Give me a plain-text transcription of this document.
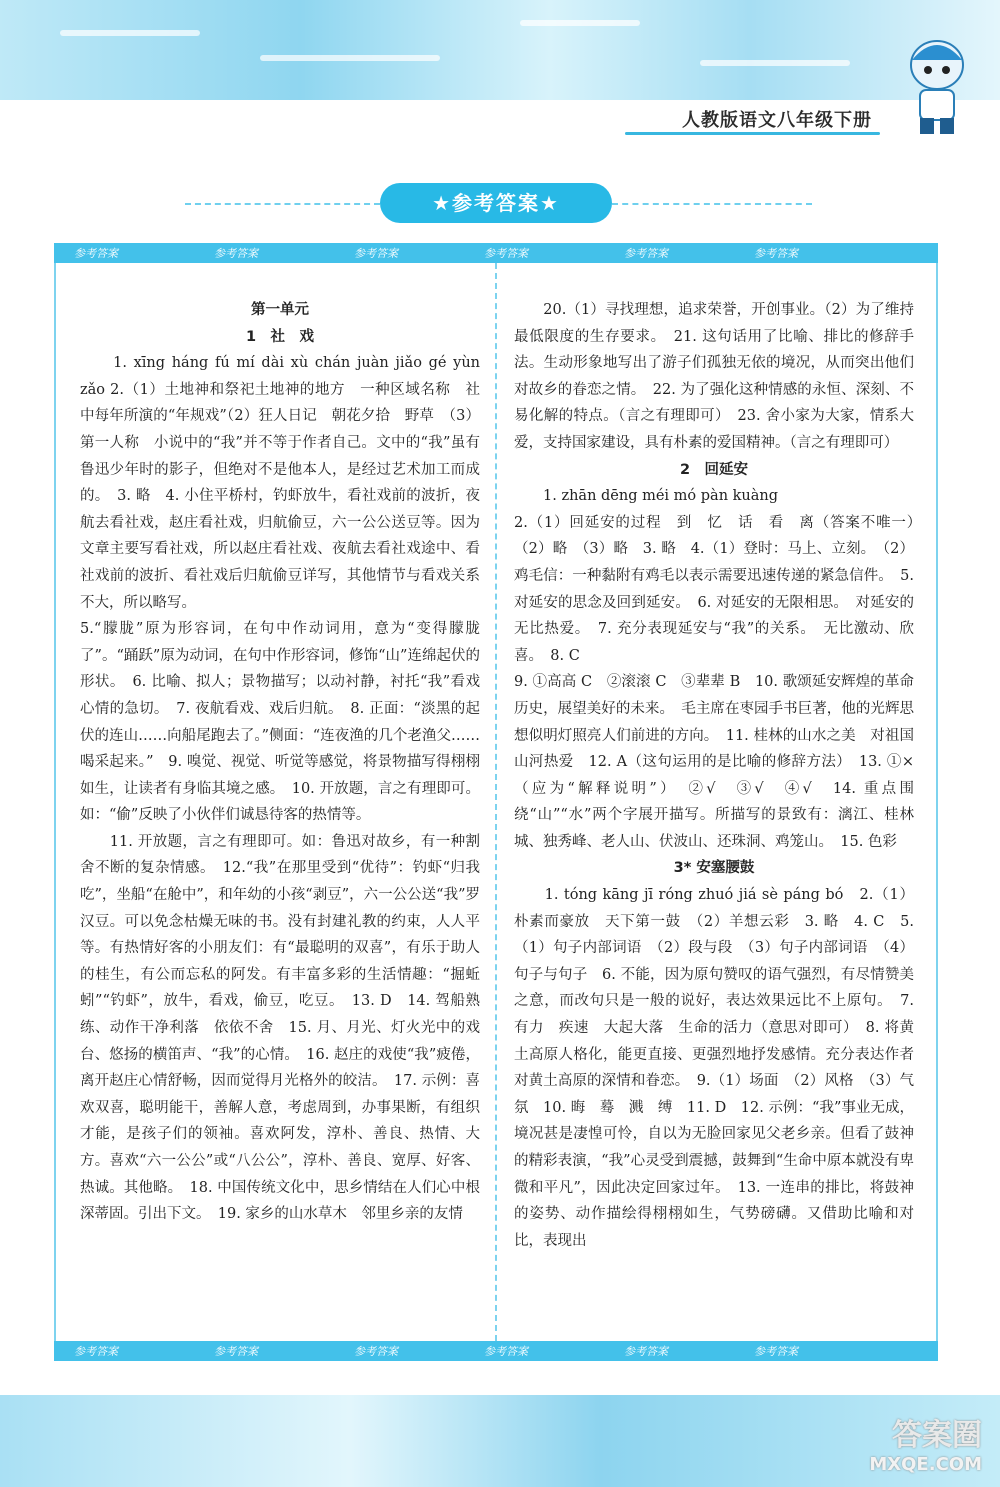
人教版语文八年级下册
★参考答案★
参考答案	参考答案	参考答案	参考答案	参考答案	参考答案
参考答案	参考答案	参考答案	参考答案	参考答案	参考答案

第一单元

1　社　戏

　　1. xīng háng fú mí dài xù chán juàn jiǎo gé yùn zǎo 2.（1）土地神和祭祀土地神的地方　一种区域名称　社中每年所演的“年规戏”（2）狂人日记　朝花夕拾　野草　（3）第一人称　小说中的“我”并不等于作者自己。文中的“我”虽有鲁迅少年时的影子，但绝对不是他本人，是经过艺术加工而成的。　3. 略　4. 小住平桥村，钓虾放牛，看社戏前的波折，夜航去看社戏，赵庄看社戏，归航偷豆，六一公公送豆等。因为文章主要写看社戏，所以赵庄看社戏、夜航去看社戏途中、看社戏前的波折、看社戏后归航偷豆详写，其他情节与看戏关系不大，所以略写。

5.“朦胧”原为形容词，在句中作动词用，意为“变得朦胧了”。“踊跃”原为动词，在句中作形容词，修饰“山”连绵起伏的形状。　6. 比喻、拟人；景物描写；以动衬静，衬托“我”看戏心情的急切。　7. 夜航看戏、戏后归航。　8. 正面：“淡黑的起伏的连山……向船尾跑去了。”侧面：“连夜渔的几个老渔父……喝采起来。”　9. 嗅觉、视觉、听觉等感觉，将景物描写得栩栩如生，让读者有身临其境之感。　10. 开放题，言之有理即可。如：“偷”反映了小伙伴们诚恳待客的热情等。

　　11. 开放题，言之有理即可。如：鲁迅对故乡，有一种割舍不断的复杂情感。　12.“我”在那里受到“优待”：钓虾“归我吃”，坐船“在舱中”，和年幼的小孩“剥豆”，六一公公送“我”罗汉豆。可以免念枯燥无味的书。没有封建礼教的约束，人人平等。有热情好客的小朋友们：有“最聪明的双喜”，有乐于助人的桂生，有公而忘私的阿发。有丰富多彩的生活情趣：“掘蚯蚓”“钓虾”，放牛，看戏，偷豆，吃豆。　13. D　14. 驾船熟练、动作干净利落　依依不舍　15. 月、月光、灯火光中的戏台、悠扬的横笛声、“我”的心情。　16. 赵庄的戏使“我”疲倦，离开赵庄心情舒畅，因而觉得月光格外的皎洁。　17. 示例：喜欢双喜，聪明能干，善解人意，考虑周到，办事果断，有组织才能，是孩子们的领袖。喜欢阿发，淳朴、善良、热情、大方。喜欢“六一公公”或“八公公”，淳朴、善良、宽厚、好客、热诚。其他略。　18. 中国传统文化中，思乡情结在人们心中根深蒂固。引出下文。　19. 家乡的山水草木　邻里乡亲的友情

　　20.（1）寻找理想，追求荣誉，开创事业。（2）为了维持最低限度的生存要求。　21. 这句话用了比喻、排比的修辞手法。生动形象地写出了游子们孤独无依的境况，从而突出他们对故乡的眷恋之情。　22. 为了强化这种情感的永恒、深刻、不易化解的特点。（言之有理即可）　23. 舍小家为大家，情系大爱，支持国家建设，具有朴素的爱国精神。（言之有理即可）

2　回延安

　　1. zhān dēng méi mó pàn kuàng

2.（1）回延安的过程　到　忆　话　看　离（答案不唯一）　（2）略　（3）略　3. 略　4.（1）登时：马上、立刻。　（2）鸡毛信：一种黏附有鸡毛以表示需要迅速传递的紧急信件。　5. 对延安的思念及回到延安。　6. 对延安的无限相思。　对延安的无比热爱。　7. 充分表现延安与“我”的关系。　无比激动、欣喜。　8. C

9. ①高高 C　②滚滚 C　③辈辈 B　10. 歌颂延安辉煌的革命历史，展望美好的未来。　毛主席在枣园手书巨著，他的光辉思想似明灯照亮人们前进的方向。　11. 桂林的山水之美　对祖国山河热爱　12. A（这句运用的是比喻的修辞方法）　13. ①×（应为“解释说明”）　②√　③√　④√　14. 重点围绕“山”“水”两个字展开描写。所描写的景致有：漓江、桂林城、独秀峰、老人山、伏波山、还珠洞、鸡笼山。　15. 色彩

3* 安塞腰鼓

　　1. tóng kāng jī róng zhuó jiá sè páng bó　2.（1）朴素而豪放　天下第一鼓　（2）羊想云彩　3. 略　4. C　5.（1）句子内部词语　（2）段与段　（3）句子内部词语　（4）句子与句子　6. 不能，因为原句赞叹的语气强烈，有尽情赞美之意，而改句只是一般的说好，表达效果远比不上原句。　7. 有力　疾速　大起大落　生命的活力（意思对即可）　8. 将黄土高原人格化，能更直接、更强烈地抒发感情。充分表达作者对黄土高原的深情和眷恋。　9.（1）场面　（2）风格　（3）气氛　10. 晦　蓦　溅　缚　11. D　12. 示例：“我”事业无成，境况甚是凄惶可怜，自以为无脸回家见父老乡亲。但看了鼓神的精彩表演，“我”心灵受到震撼，鼓舞到“生命中原本就没有卑微和平凡”，因此决定回家过年。　13. 一连串的排比，将鼓神的姿势、动作描绘得栩栩如生，气势磅礴。又借助比喻和对比，表现出

答案圈
MXQE.COM
